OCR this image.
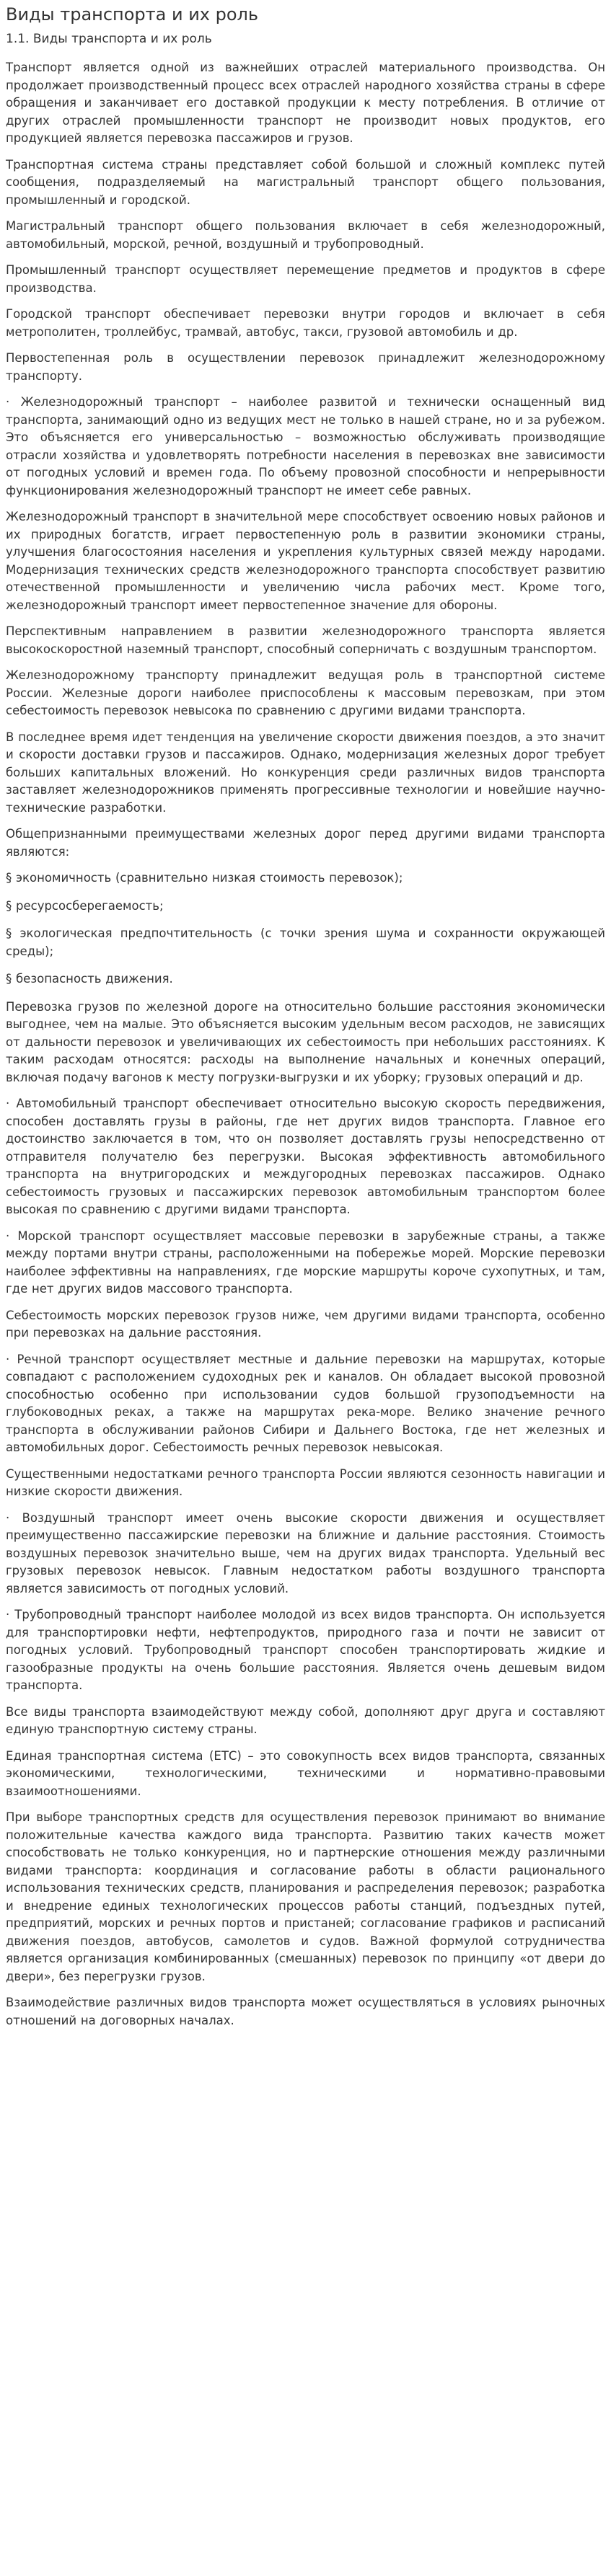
Виды транспорта и их роль
1.1. Виды транспорта и их роль

Транспорт является одной из важнейших отраслей материального производства. Он продолжает производственный процесс всех отраслей народного хозяйства страны в сфере обращения и заканчивает его доставкой продукции к месту потребления. В отличие от других отраслей промышленности транспорт не производит новых продуктов, его продукцией является перевозка пассажиров и грузов.

Транспортная система страны представляет собой большой и сложный комплекс путей сообщения, подразделяемый на магистральный транспорт общего пользования, промышленный и городской.

Магистральный транспорт общего пользования включает в себя железнодорожный, автомобильный, морской, речной, воздушный и трубопроводный.

Промышленный транспорт осуществляет перемещение предметов и продуктов в сфере производства.

Городской транспорт обеспечивает перевозки внутри городов и включает в себя метрополитен, троллейбус, трамвай, автобус, такси, грузовой автомобиль и др.

Первостепенная роль в осуществлении перевозок принадлежит железнодорожному транспорту.

· Железнодорожный транспорт – наиболее развитой и технически оснащенный вид транспорта, занимающий одно из ведущих мест не только в нашей стране, но и за рубежом. Это объясняется его универсальностью – возможностью обслуживать производящие отрасли хозяйства и удовлетворять потребности населения в перевозках вне зависимости от погодных условий и времен года. По объему провозной способности и непрерывности функционирования железнодорожный транспорт не имеет себе равных.

Железнодорожный транспорт в значительной мере способствует освоению новых районов и их природных богатств, играет первостепенную роль в развитии экономики страны, улучшения благосостояния населения и укрепления культурных связей между народами. Модернизация технических средств железнодорожного транспорта способствует развитию отечественной промышленности и увеличению числа рабочих мест. Кроме того, железнодорожный транспорт имеет первостепенное значение для обороны.

Перспективным направлением в развитии железнодорожного транспорта является высокоскоростной наземный транспорт, способный соперничать с воздушным транспортом.

Железнодорожному транспорту принадлежит ведущая роль в транспортной системе России. Железные дороги наиболее приспособлены к массовым перевозкам, при этом себестоимость перевозок невысока по сравнению с другими видами транспорта.

В последнее время идет тенденция на увеличение скорости движения поездов, а это значит и скорости доставки грузов и пассажиров. Однако, модернизация железных дорог требует больших капитальных вложений. Но конкуренция среди различных видов транспорта заставляет железнодорожников применять прогрессивные технологии и новейшие научно-технические разработки.

Общепризнанными преимуществами железных дорог перед другими видами транспорта являются:

§ экономичность (сравнительно низкая стоимость перевозок);

§ ресурсосберегаемость;

§ экологическая предпочтительность (с точки зрения шума и сохранности окружающей среды);

§ безопасность движения.

Перевозка грузов по железной дороге на относительно большие расстояния экономически выгоднее, чем на малые. Это объясняется высоким удельным весом расходов, не зависящих от дальности перевозок и увеличивающих их себестоимость при небольших расстояниях. К таким расходам относятся: расходы на выполнение начальных и конечных операций, включая подачу вагонов к месту погрузки-выгрузки и их уборку; грузовых операций и др.

· Автомобильный транспорт обеспечивает относительно высокую скорость передвижения, способен доставлять грузы в районы, где нет других видов транспорта. Главное его достоинство заключается в том, что он позволяет доставлять грузы непосредственно от отправителя получателю без перегрузки. Высокая эффективность автомобильного транспорта на внутригородских и междугородных перевозках пассажиров. Однако себестоимость грузовых и пассажирских перевозок автомобильным транспортом более высокая по сравнению с другими видами транспорта.

· Морской транспорт осуществляет массовые перевозки в зарубежные страны, а также между портами внутри страны, расположенными на побережье морей. Морские перевозки наиболее эффективны на направлениях, где морские маршруты короче сухопутных, и там, где нет других видов массового транспорта.

Себестоимость морских перевозок грузов ниже, чем другими видами транспорта, особенно при перевозках на дальние расстояния.

· Речной транспорт осуществляет местные и дальние перевозки на маршрутах, которые совпадают с расположением судоходных рек и каналов. Он обладает высокой провозной способностью особенно при использовании судов большой грузоподъемности на глубоководных реках, а также на маршрутах река-море. Велико значение речного транспорта в обслуживании районов Сибири и Дальнего Востока, где нет железных и автомобильных дорог. Себестоимость речных перевозок невысокая.

Существенными недостатками речного транспорта России являются сезонность навигации и низкие скорости движения.

· Воздушный транспорт имеет очень высокие скорости движения и осуществляет преимущественно пассажирские перевозки на ближние и дальние расстояния. Стоимость воздушных перевозок значительно выше, чем на других видах транспорта. Удельный вес грузовых перевозок невысок. Главным недостатком работы воздушного транспорта является зависимость от погодных условий.

· Трубопроводный транспорт наиболее молодой из всех видов транспорта. Он используется для транспортировки нефти, нефтепродуктов, природного газа и почти не зависит от погодных условий. Трубопроводный транспорт способен транспортировать жидкие и газообразные продукты на очень большие расстояния. Является очень дешевым видом транспорта.

Все виды транспорта взаимодействуют между собой, дополняют друг друга и составляют единую транспортную систему страны.

Единая транспортная система (ЕТС) – это совокупность всех видов транспорта, связанных экономическими, технологическими, техническими и нормативно-правовыми взаимоотношениями.

При выборе транспортных средств для осуществления перевозок принимают во внимание положительные качества каждого вида транспорта. Развитию таких качеств может способствовать не только конкуренция, но и партнерские отношения между различными видами транспорта: координация и согласование работы в области рационального использования технических средств, планирования и распределения перевозок; разработка и внедрение единых технологических процессов работы станций, подъездных путей, предприятий, морских и речных портов и пристаней; согласование графиков и расписаний движения поездов, автобусов, самолетов и судов. Важной формулой сотрудничества является организация комбинированных (смешанных) перевозок по принципу «от двери до двери», без перегрузки грузов.

Взаимодействие различных видов транспорта может осуществляться в условиях рыночных отношений на договорных началах.
